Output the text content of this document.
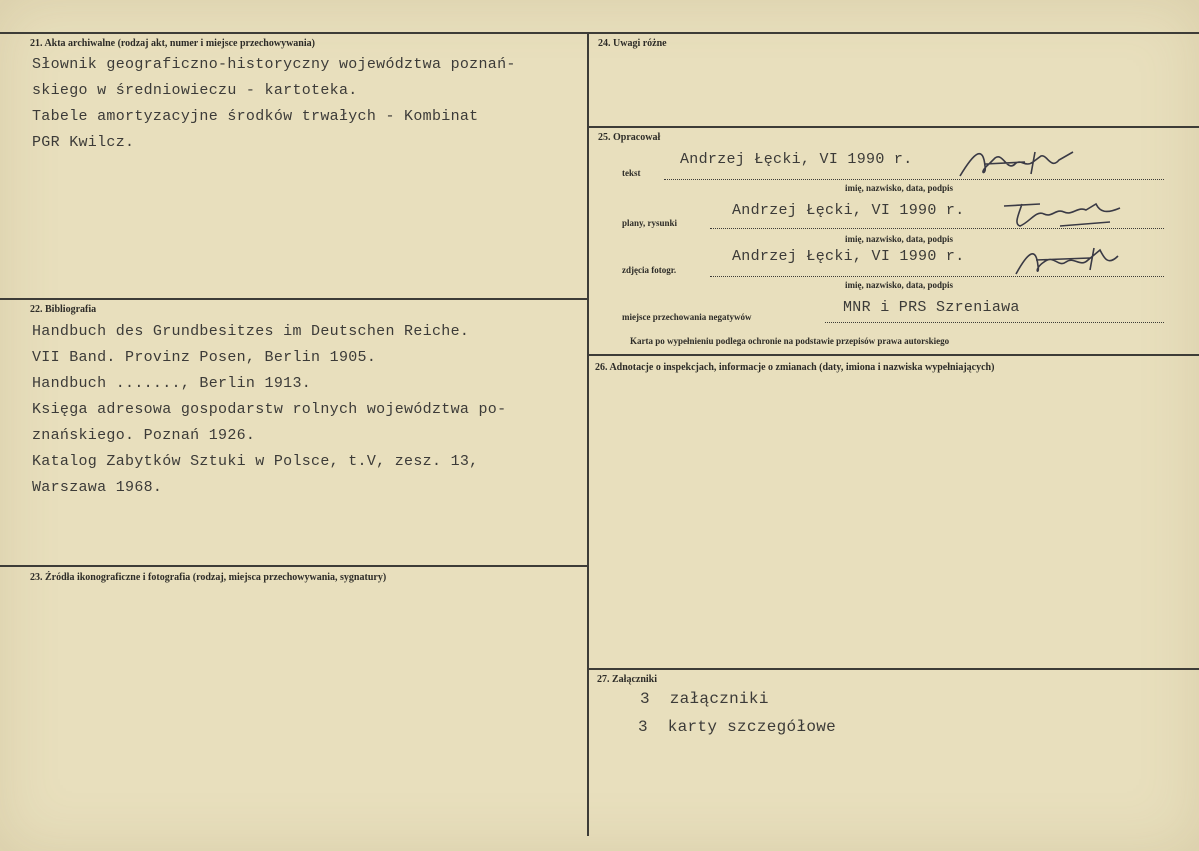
21. Akta archiwalne (rodzaj akt, numer i miejsce przechowywania)
Słownik geograficzno-historyczny województwa poznań-
skiego w średniowieczu - kartoteka.
Tabele amortyzacyjne środków trwałych - Kombinat
PGR Kwilcz.
22. Bibliografia
Handbuch des Grundbesitzes im Deutschen Reiche.
VII Band. Provinz Posen, Berlin 1905.
Handbuch ......., Berlin 1913.
Księga adresowa gospodarstw rolnych województwa po-
znańskiego. Poznań 1926.
Katalog Zabytków Sztuki w Polsce, t.V, zesz. 13,
Warszawa 1968.
23. Źródła ikonograficzne i fotografia (rodzaj, miejsca przechowywania, sygnatury)
24. Uwagi różne
25. Opracował
tekst
Andrzej Łęcki, VI 1990 r.
imię, nazwisko, data, podpis
plany, rysunki
Andrzej Łęcki, VI 1990 r.
imię, nazwisko, data, podpis
zdjęcia fotogr.
Andrzej Łęcki, VI 1990 r.
imię, nazwisko, data, podpis
miejsce przechowania negatywów
MNR i PRS Szreniawa
Karta po wypełnieniu podlega ochronie na podstawie przepisów prawa autorskiego
26. Adnotacje o inspekcjach, informacje o zmianach (daty, imiona i nazwiska wypełniających)
27. Załączniki
3 załączniki
3 karty szczegółowe
